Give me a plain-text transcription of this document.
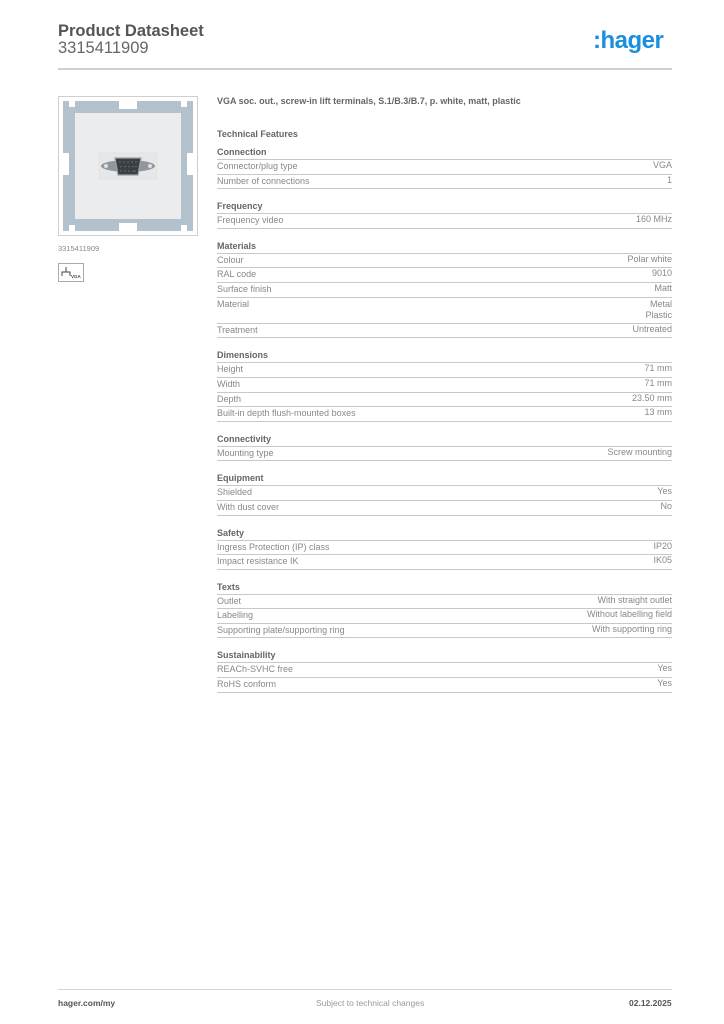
Product Datasheet
3315411909	:hager
3315411909
VGA
VGA soc. out., screw-in lift terminals, S.1/B.3/B.7, p. white, matt, plastic
Technical Features
Connection
Connector/plug type	VGA
Number of connections	1
Frequency
Frequency video	160 MHz
Materials
Colour	Polar white
RAL code	9010
Surface finish	Matt
Material	Metal
Plastic
Treatment	Untreated
Dimensions
Height	71 mm
Width	71 mm
Depth	23.50 mm
Built-in depth flush-mounted boxes	13 mm
Connectivity
Mounting type	Screw mounting
Equipment
Shielded	Yes
With dust cover	No
Safety
Ingress Protection (IP) class	IP20
Impact resistance IK	IK05
Texts
Outlet	With straight outlet
Labelling	Without labelling field
Supporting plate/supporting ring	With supporting ring
Sustainability
REACh-SVHC free	Yes
RoHS conform	Yes
hager.com/my	Subject to technical changes	02.12.2025
